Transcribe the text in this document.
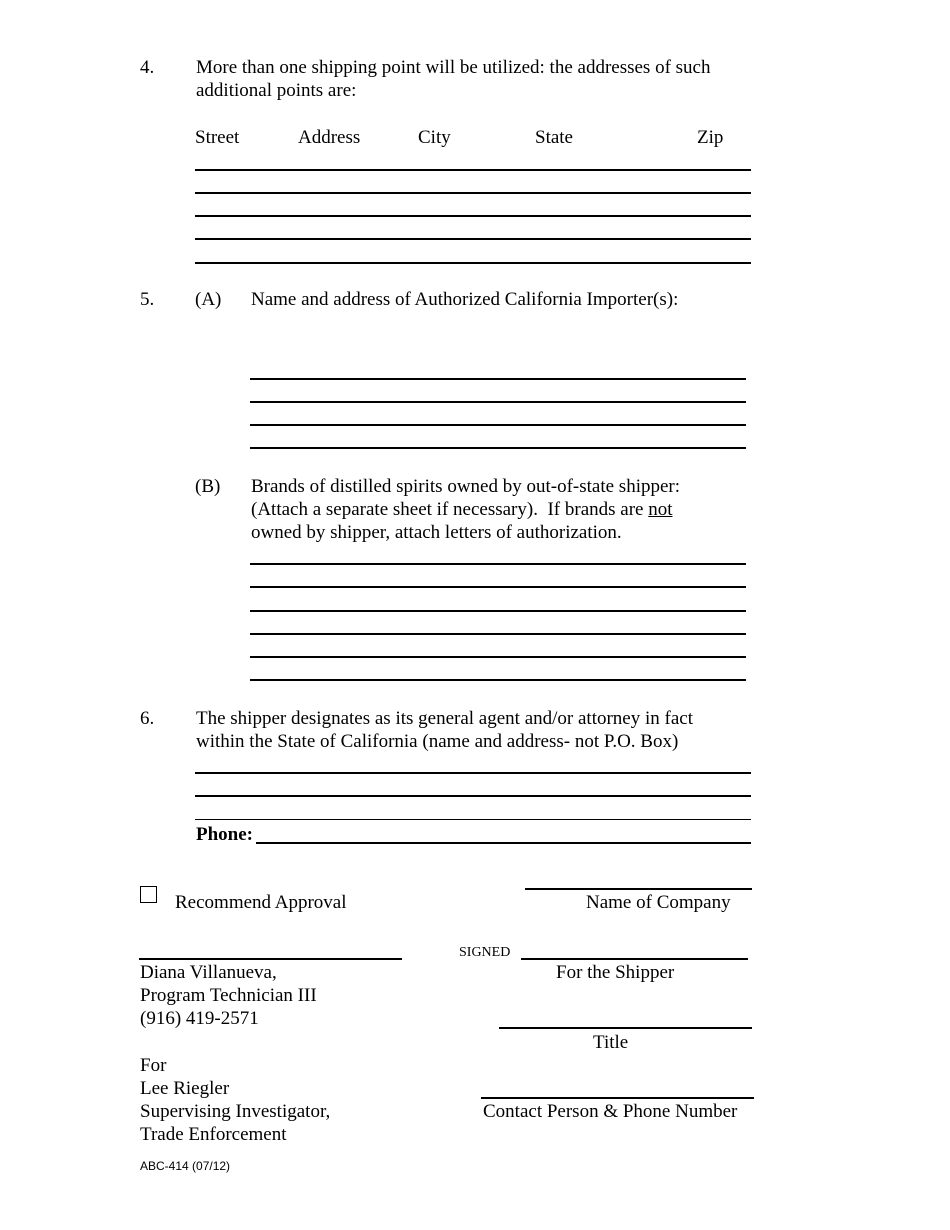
4. More than one shipping point will be utilized: the addresses of such
additional points are:
Street	Address	City	State	Zip
5. (A) Name and address of Authorized California Importer(s):
(B) Brands of distilled spirits owned by out-of-state shipper:
(Attach a separate sheet if necessary).  If brands are not
owned by shipper, attach letters of authorization.
6. The shipper designates as its general agent and/or attorney in fact
within the State of California (name and address- not P.O. Box)
Phone:
Recommend Approval	Name of Company
SIGNED
For the Shipper
Title
Contact Person & Phone Number
Diana Villanueva,
Program Technician III
(916) 419-2571
For
Lee Riegler
Supervising Investigator,
Trade Enforcement
ABC-414 (07/12)
